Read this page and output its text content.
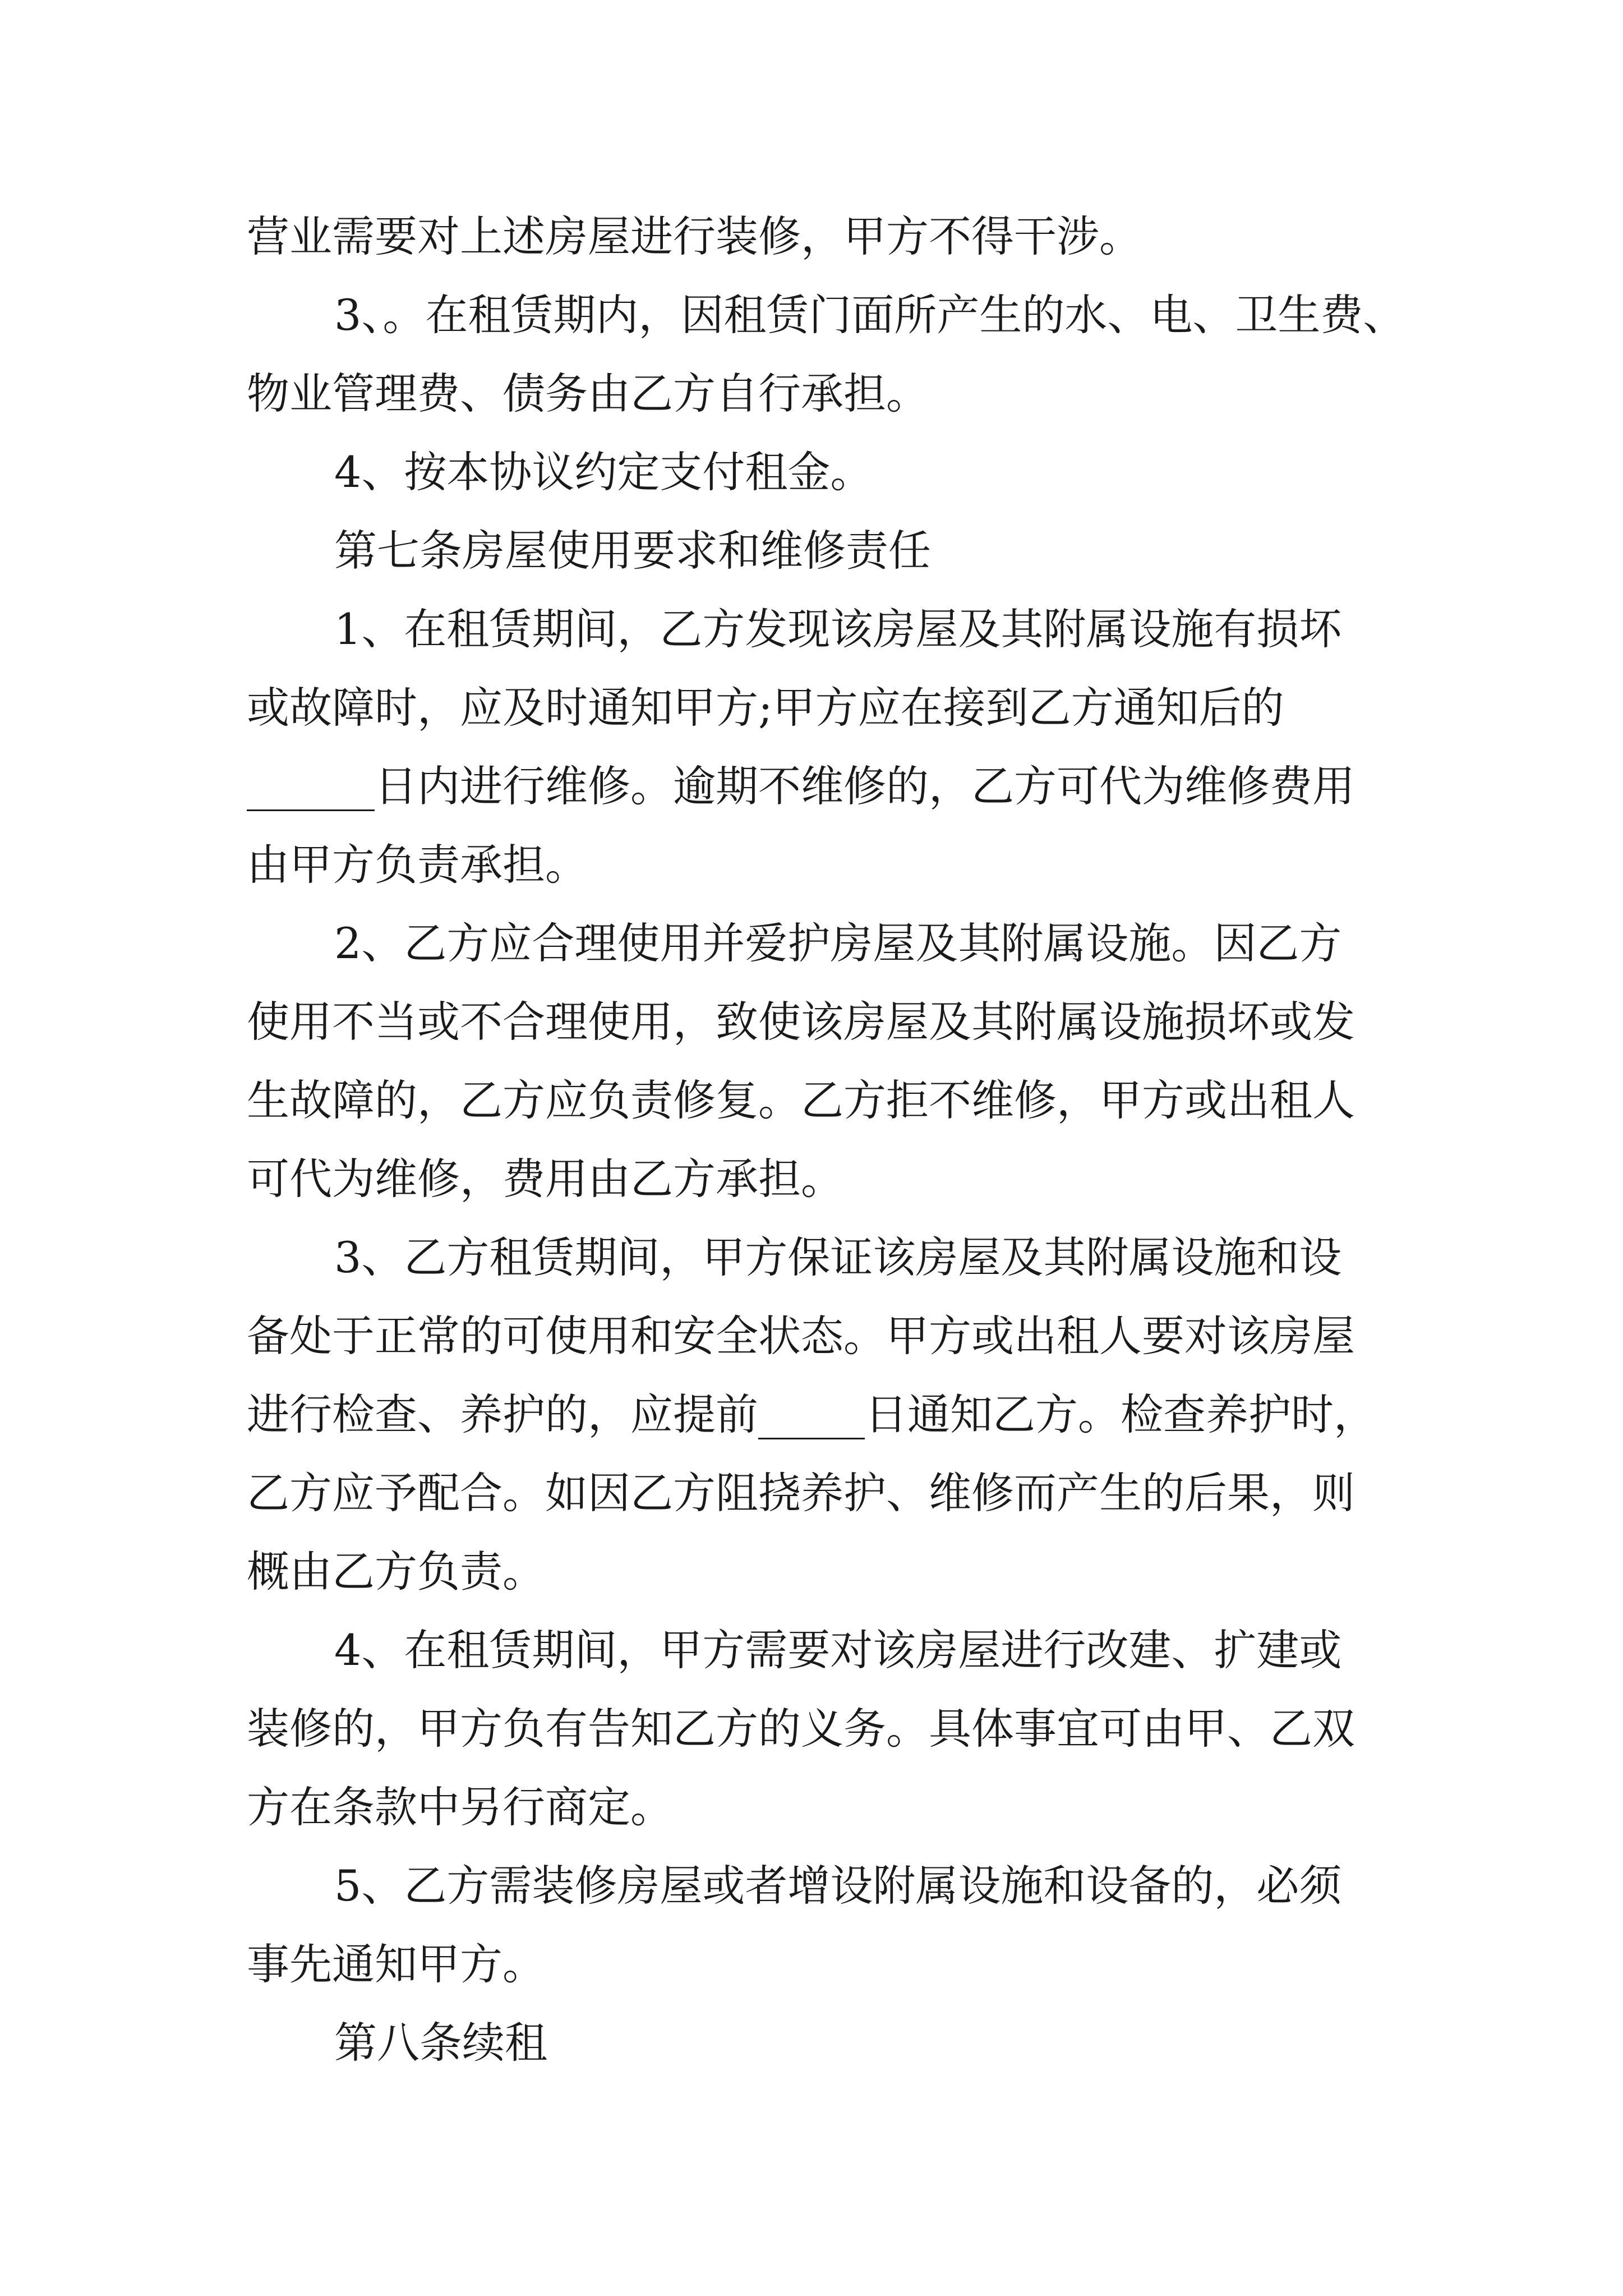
营业需要对上述房屋进行装修，甲方不得干涉。
3、。在租赁期内，因租赁门面所产生的水、电、卫生费、
物业管理费、债务由乙方自行承担。
4、按本协议约定支付租金。
第七条房屋使用要求和维修责任
1、在租赁期间，乙方发现该房屋及其附属设施有损坏
或故障时，应及时通知甲方;甲方应在接到乙方通知后的
______日内进行维修。逾期不维修的，乙方可代为维修费用
由甲方负责承担。
2、乙方应合理使用并爱护房屋及其附属设施。因乙方
使用不当或不合理使用，致使该房屋及其附属设施损坏或发
生故障的，乙方应负责修复。乙方拒不维修，甲方或出租人
可代为维修，费用由乙方承担。
3、乙方租赁期间，甲方保证该房屋及其附属设施和设
备处于正常的可使用和安全状态。甲方或出租人要对该房屋
进行检查、养护的，应提前_____日通知乙方。检查养护时，
乙方应予配合。如因乙方阻挠养护、维修而产生的后果，则
概由乙方负责。
4、在租赁期间，甲方需要对该房屋进行改建、扩建或
装修的，甲方负有告知乙方的义务。具体事宜可由甲、乙双
方在条款中另行商定。
5、乙方需装修房屋或者增设附属设施和设备的，必须
事先通知甲方。
第八条续租
